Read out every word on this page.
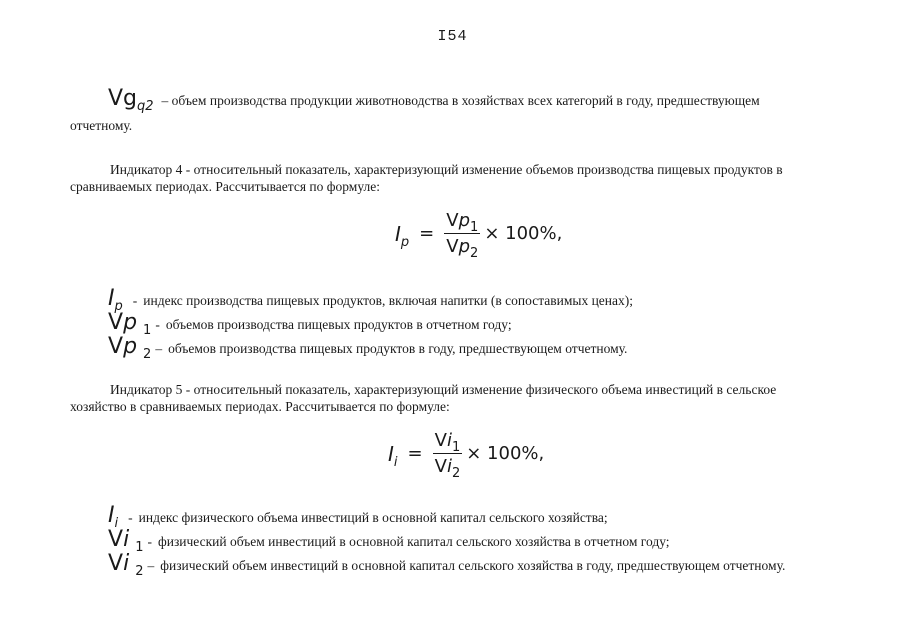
I54
$Vg_{q2}$ – объем производства продукции животноводства в хозяйствах всех категорий в году, предшествующем
отчетному.
Индикатор 4 - относительный показатель, характеризующий изменение объемов производства пищевых продуктов в
сравниваемых периодах. Рассчитывается по формуле:
$I_p = \frac{Vp_1}{Vp_2} \times 100\%$,
$I_p$ - индекс производства пищевых продуктов, включая напитки (в сопоставимых ценах);
Vp $_1$ - объемов производства пищевых продуктов в отчетном году;
Vp $_2$ – объемов производства пищевых продуктов в году, предшествующем отчетному.
Индикатор 5 - относительный показатель, характеризующий изменение физического объема инвестиций в сельское
хозяйство в сравниваемых периодах. Рассчитывается по формуле:
$I_i = \frac{Vi_1}{Vi_2} \times 100\%$,
$I_i$ - индекс физического объема инвестиций в основной капитал сельского хозяйства;
Vi $_1$ - физический объем инвестиций в основной капитал сельского хозяйства в отчетном году;
Vi $_2$ – физический объем инвестиций в основной капитал сельского хозяйства в году, предшествующем отчетному.
